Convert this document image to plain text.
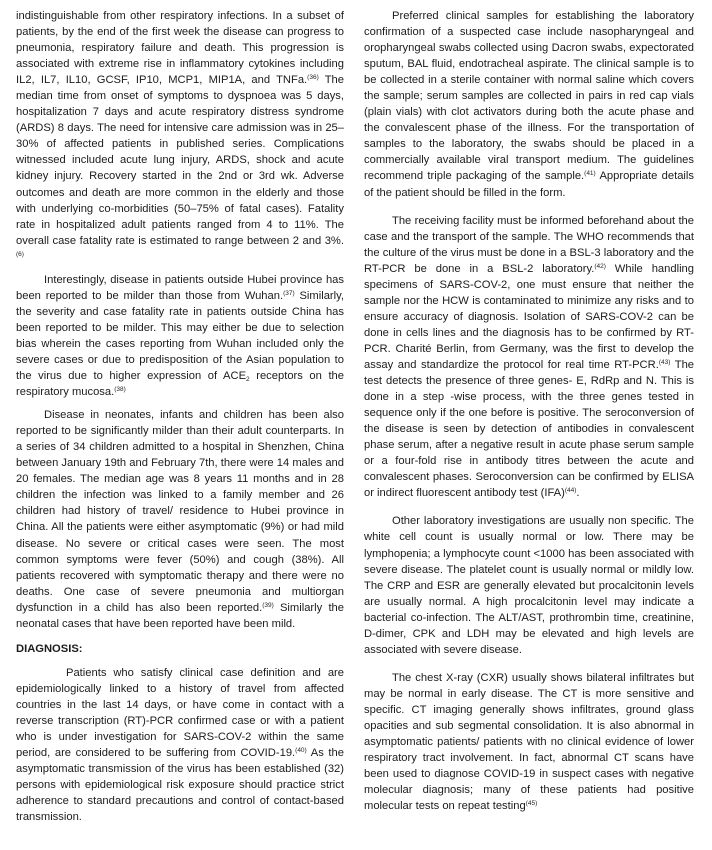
indistinguishable from other respiratory infections. In a subset of patients, by the end of the first week the disease can progress to pneumonia, respiratory failure and death. This progression is associated with extreme rise in inflammatory cytokines including IL2, IL7, IL10, GCSF, IP10, MCP1, MIP1A, and TNFa.$^{(36)}$ The median time from onset of symptoms to dyspnoea was 5 days, hospitalization 7 days and acute respiratory distress syndrome (ARDS) 8 days. The need for intensive care admission was in 25–30% of affected patients in published series. Complications witnessed included acute lung injury, ARDS, shock and acute kidney injury. Recovery started in the 2nd or 3rd wk. Adverse outcomes and death are more common in the elderly and those with underlying co-morbidities (50–75% of fatal cases). Fatality rate in hospitalized adult patients ranged from 4 to 11%. The overall case fatality rate is estimated to range between 2 and 3%.$^{(6)}$

Interestingly, disease in patients outside Hubei province has been reported to be milder than those from Wuhan.$^{(37)}$ Similarly, the severity and case fatality rate in patients outside China has been reported to be milder. This may either be due to selection bias wherein the cases reporting from Wuhan included only the severe cases or due to predisposition of the Asian population to the virus due to higher expression of $ACE_2$ receptors on the respiratory mucosa.$^{(38)}$

Disease in neonates, infants and children has been also reported to be significantly milder than their adult counterparts. In a series of 34 children admitted to a hospital in Shenzhen, China between January 19th and February 7th, there were 14 males and 20 females. The median age was 8 years 11 months and in 28 children the infection was linked to a family member and 26 children had history of travel/ residence to Hubei province in China. All the patients were either asymptomatic (9%) or had mild disease. No severe or critical cases were seen. The most common symptoms were fever (50%) and cough (38%). All patients recovered with symptomatic therapy and there were no deaths. One case of severe pneumonia and multiorgan dysfunction in a child has also been reported.$^{(39)}$ Similarly the neonatal cases that have been reported have been mild.

DIAGNOSIS:

Patients who satisfy clinical case definition and are epidemiologically linked to a history of travel from affected countries in the last 14 days, or have come in contact with a reverse transcription (RT)-PCR confirmed case or with a patient who is under investigation for SARS-COV-2 within the same period, are considered to be suffering from COVID-19.$^{(40)}$ As the asymptomatic transmission of the virus has been established (32) persons with epidemiological risk exposure should practice strict adherence to standard precautions and control of contact-based transmission.

Preferred clinical samples for establishing the laboratory confirmation of a suspected case include nasopharyngeal and oropharyngeal swabs collected using Dacron swabs, expectorated sputum, BAL fluid, endotracheal aspirate. The clinical sample is to be collected in a sterile container with normal saline which covers the sample; serum samples are collected in pairs in red cap vials (plain vials) with clot activators during both the acute phase and the convalescent phase of the illness. For the transportation of samples to the laboratory, the swabs should be placed in a commercially available viral transport medium. The guidelines recommend triple packaging of the sample.$^{(41)}$ Appropriate details of the patient should be filled in the form.

The receiving facility must be informed beforehand about the case and the transport of the sample. The WHO recommends that the culture of the virus must be done in a BSL-3 laboratory and the RT-PCR be done in a BSL-2 laboratory.$^{(42)}$ While handling specimens of SARS-COV-2, one must ensure that neither the sample nor the HCW is contaminated to minimize any risks and to ensure accuracy of diagnosis. Isolation of SARS-COV-2 can be done in cells lines and the diagnosis has to be confirmed by RT-PCR. Charité Berlin, from Germany, was the first to develop the assay and standardize the protocol for real time RT-PCR.$^{(43)}$ The test detects the presence of three genes- E, RdRp and N. This is done in a step -wise process, with the three genes tested in sequence only if the one before is positive. The seroconversion of the disease is seen by detection of antibodies in convalescent phase serum, after a negative result in acute phase serum sample or a four-fold rise in antibody titres between the acute and convalescent phases. Seroconversion can be confirmed by ELISA or indirect fluorescent antibody test (IFA)$^{(44)}$.

Other laboratory investigations are usually non specific. The white cell count is usually normal or low. There may be lymphopenia; a lymphocyte count <1000 has been associated with severe disease. The platelet count is usually normal or mildly low. The CRP and ESR are generally elevated but procalcitonin levels are usually normal. A high procalcitonin level may indicate a bacterial co-infection. The ALT/AST, prothrombin time, creatinine, D-dimer, CPK and LDH may be elevated and high levels are associated with severe disease.

The chest X-ray (CXR) usually shows bilateral infiltrates but may be normal in early disease. The CT is more sensitive and specific. CT imaging generally shows infiltrates, ground glass opacities and sub segmental consolidation. It is also abnormal in asymptomatic patients/ patients with no clinical evidence of lower respiratory tract involvement. In fact, abnormal CT scans have been used to diagnose COVID-19 in suspect cases with negative molecular diagnosis; many of these patients had positive molecular tests on repeat testing$^{(45)}$
